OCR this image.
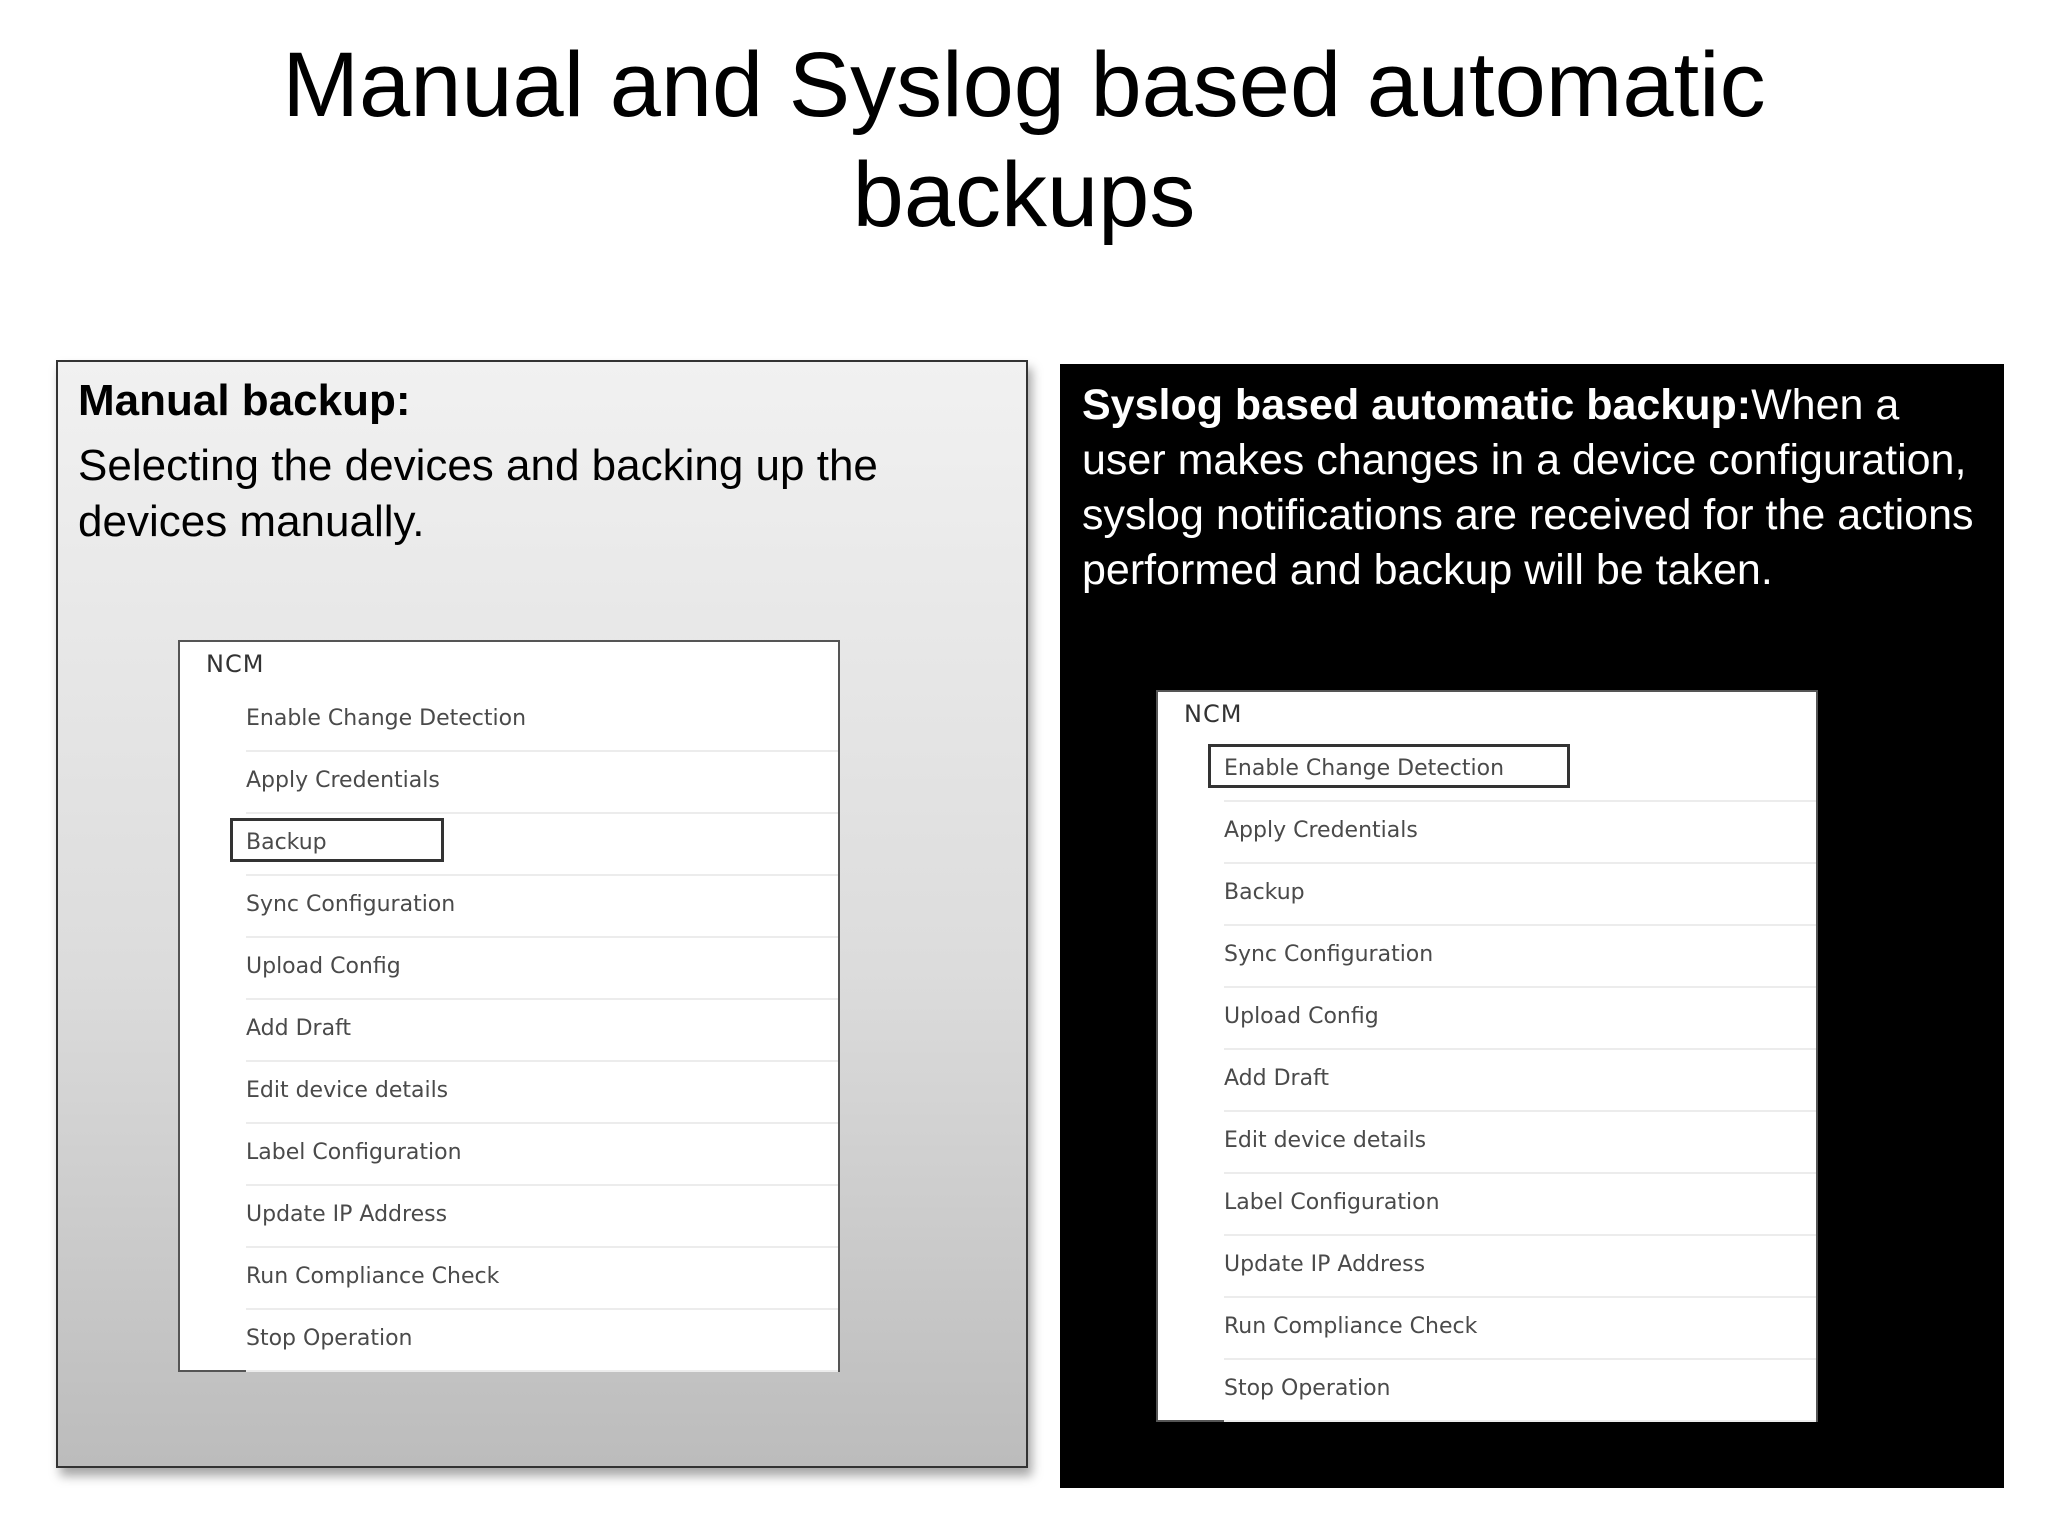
Manual and Syslog based automatic
backups
Manual backup:
Selecting the devices and backing up the devices manually.
Syslog based automatic backup:When a user makes changes in a device configuration, syslog notifications are received for the actions performed and backup will be taken.
NCM
Enable Change Detection
Apply Credentials
Backup
Sync Configuration
Upload Config
Add Draft
Edit device details
Label Configuration
Update IP Address
Run Compliance Check
Stop Operation
NCM
Enable Change Detection
Apply Credentials
Backup
Sync Configuration
Upload Config
Add Draft
Edit device details
Label Configuration
Update IP Address
Run Compliance Check
Stop Operation
